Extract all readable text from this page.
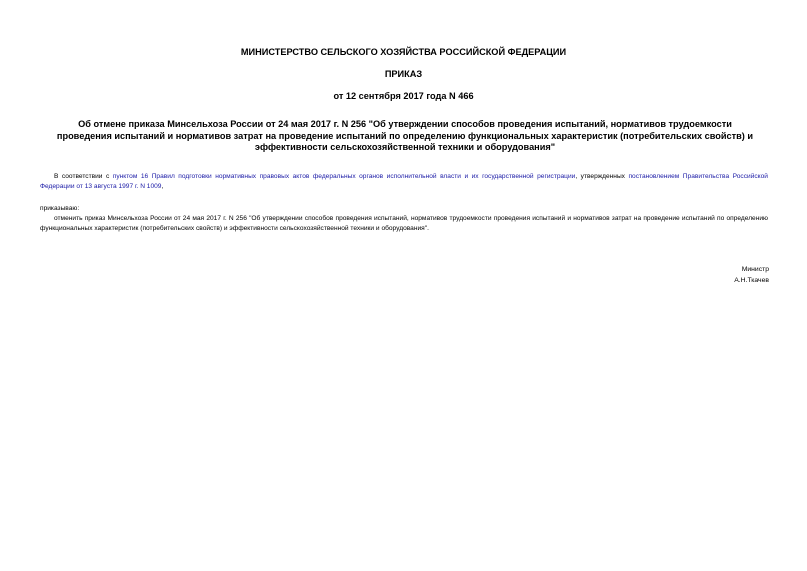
МИНИСТЕРСТВО СЕЛЬСКОГО ХОЗЯЙСТВА РОССИЙСКОЙ ФЕДЕРАЦИИ
ПРИКАЗ
от 12 сентября 2017 года N 466
Об отмене приказа Минсельхоза России от 24 мая 2017 г. N 256 "Об утверждении способов проведения испытаний, нормативов трудоемкости проведения испытаний и нормативов затрат на проведение испытаний по определению функциональных характеристик (потребительских свойств) и эффективности сельскохозяйственной техники и оборудования"
В соответствии с пунктом 16 Правил подготовки нормативных правовых актов федеральных органов исполнительной власти и их государственной регистрации, утвержденных постановлением Правительства Российской Федерации от 13 августа 1997 г. N 1009,
приказываю:
отменить приказ Минсельхоза России от 24 мая 2017 г. N 256 "Об утверждении способов проведения испытаний, нормативов трудоемкости проведения испытаний и нормативов затрат на проведение испытаний по определению функциональных характеристик (потребительских свойств) и эффективности сельскохозяйственной техники и оборудования".
Министр
А.Н.Ткачев
